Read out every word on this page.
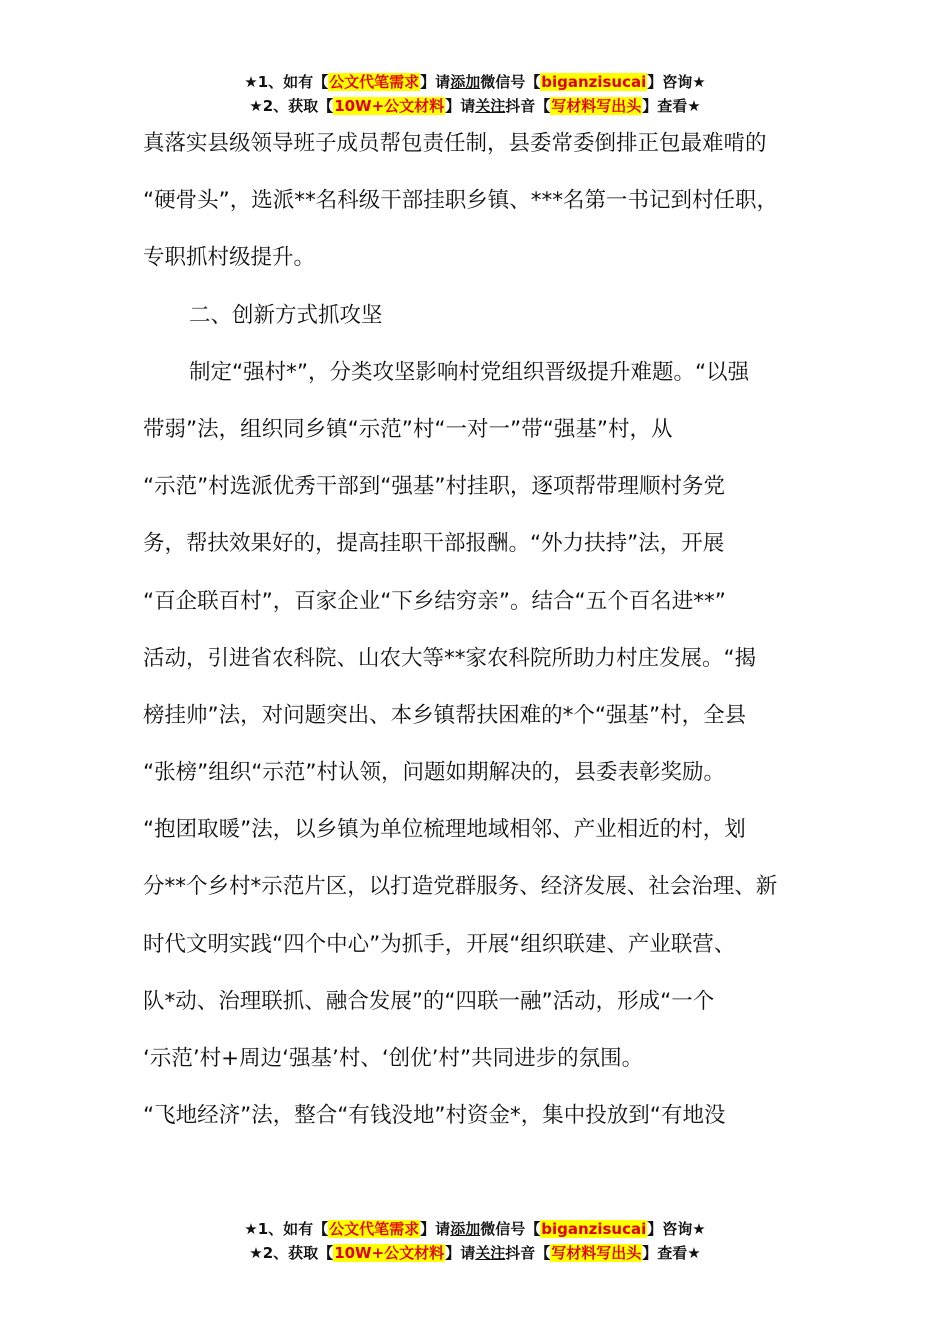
★1、如有【公文代笔需求】请添加微信号【biganzisucai】咨询★
★2、获取【10W+公文材料】请关注抖音【写材料写出头】查看★
真落实县级领导班子成员帮包责任制，县委常委倒排正包最难啃的
“硬骨头”，选派**名科级干部挂职乡镇、***名第一书记到村任职，
专职抓村级提升。
二、创新方式抓攻坚
制定“强村*”，分类攻坚影响村党组织晋级提升难题。“以强
带弱”法，组织同乡镇“示范”村“一对一”带“强基”村，从
“示范”村选派优秀干部到“强基”村挂职，逐项帮带理顺村务党
务，帮扶效果好的，提高挂职干部报酬。“外力扶持”法，开展
“百企联百村”，百家企业“下乡结穷亲”。结合“五个百名进**”
活动，引进省农科院、山农大等**家农科院所助力村庄发展。“揭
榜挂帅”法，对问题突出、本乡镇帮扶困难的*个“强基”村，全县
“张榜”组织“示范”村认领，问题如期解决的，县委表彰奖励。
“抱团取暖”法，以乡镇为单位梳理地域相邻、产业相近的村，划
分**个乡村*示范片区，以打造党群服务、经济发展、社会治理、新
时代文明实践“四个中心”为抓手，开展“组织联建、产业联营、
队*动、治理联抓、融合发展”的“四联一融”活动，形成“一个
‘示范’村+周边‘强基’村、‘创优’村”共同进步的氛围。
“飞地经济”法，整合“有钱没地”村资金*，集中投放到“有地没
★1、如有【公文代笔需求】请添加微信号【biganzisucai】咨询★
★2、获取【10W+公文材料】请关注抖音【写材料写出头】查看★
